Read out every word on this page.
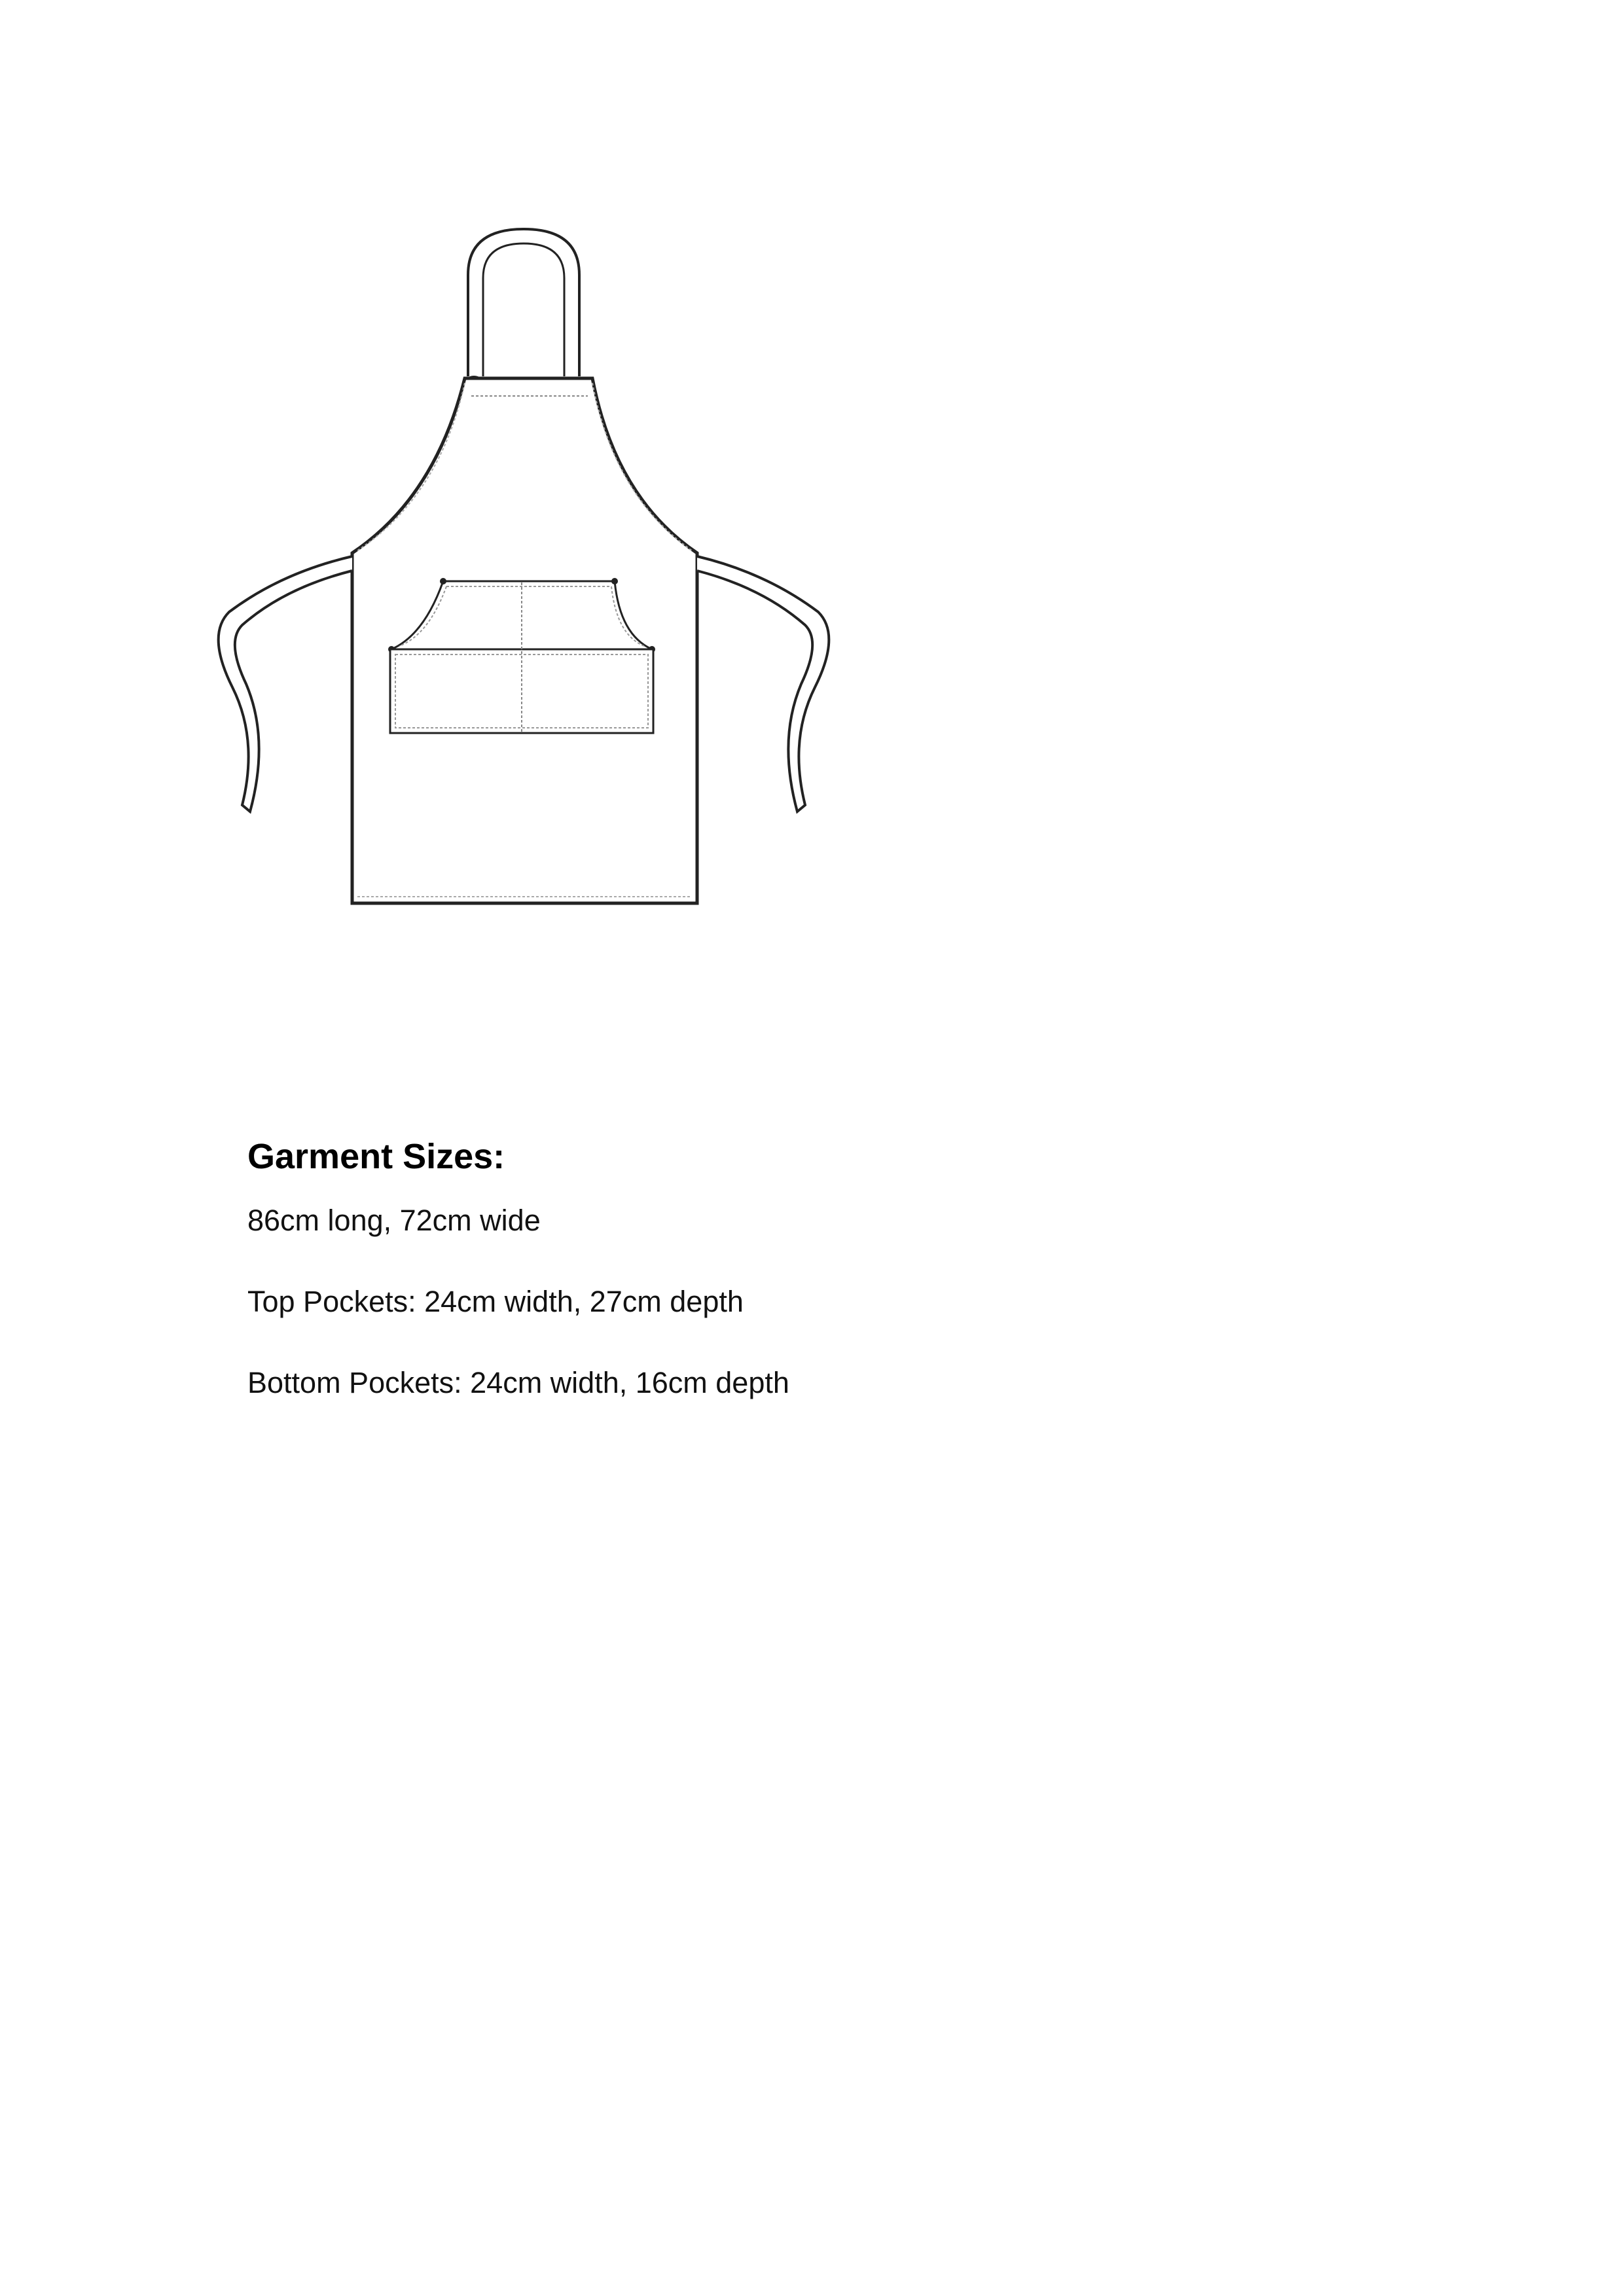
Garment Sizes:

86cm long, 72cm wide

Top Pockets: 24cm width, 27cm depth

Bottom Pockets: 24cm width, 16cm depth
